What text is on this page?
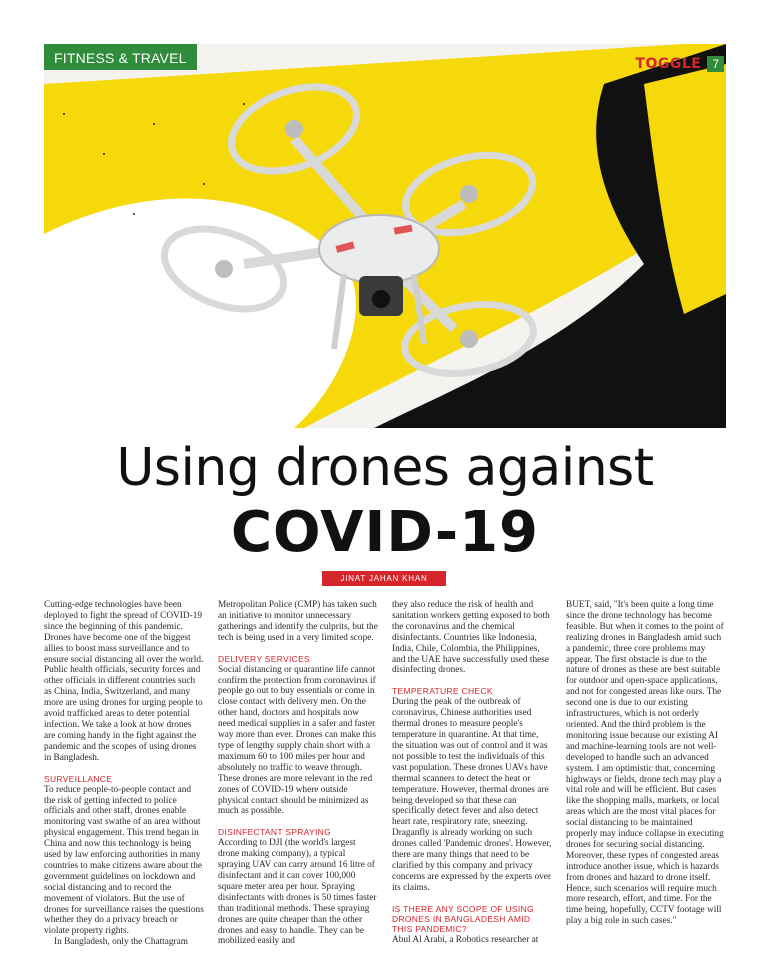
FITNESS & TRAVEL	TOGGLE 7
Using drones against
COVID-19
JINAT JAHAN KHAN

Cutting-edge technologies have been deployed to fight the spread of COVID-19 since the beginning of this pandemic. Drones have become one of the biggest allies to boost mass surveillance and to ensure social distancing all over the world. Public health officials, security forces and other officials in different countries such as China, India, Switzerland, and many more are using drones for urging people to avoid trafficked areas to deter potential infection. We take a look at how drones are coming handy in the fight against the pandemic and the scopes of using drones in Bangladesh.

SURVEILLANCE

To reduce people-to-people contact and the risk of getting infected to police officials and other staff, drones enable monitoring vast swathe of an area without physical engagement. This trend began in China and now this technology is being used by law enforcing authorities in many countries to make citizens aware about the government guidelines on lockdown and social distancing and to record the movement of violators. But the use of drones for surveillance raises the questions whether they do a privacy breach or violate property rights.

In Bangladesh, only the Chattagram

Metropolitan Police (CMP) has taken such an initiative to monitor unnecessary gatherings and identify the culprits, but the tech is being used in a very limited scope.

DELIVERY SERVICES

Social distancing or quarantine life cannot confirm the protection from coronavirus if people go out to buy essentials or come in close contact with delivery men. On the other hand, doctors and hospitals now need medical supplies in a safer and faster way more than ever. Drones can make this type of lengthy supply chain short with a maximum 60 to 100 miles per hour and absolutely no traffic to weave through. These drones are more relevant in the red zones of COVID-19 where outside physical contact should be minimized as much as possible.

DISINFECTANT SPRAYING

According to DJI (the world's largest drone making company), a typical spraying UAV can carry around 16 litre of disinfectant and it can cover 100,000 square meter area per hour. Spraying disinfectants with drones is 50 times faster than traditional methods. These spraying drones are quite cheaper than the other drones and easy to handle. They can be mobilized easily and

they also reduce the risk of health and sanitation workers getting exposed to both the coronavirus and the chemical disinfectants. Countries like Indonesia, India, Chile, Colombia, the Philippines, and the UAE have successfully used these disinfecting drones.

TEMPERATURE CHECK

During the peak of the outbreak of coronavirus, Chinese authorities used thermal drones to measure people's temperature in quarantine. At that time, the situation was out of control and it was not possible to test the individuals of this vast population. These drones UAVs have thermal scanners to detect the heat or temperature. However, thermal drones are being developed so that these can specifically detect fever and also detect heart rate, respiratory rate, sneezing. Draganfly is already working on such drones called 'Pandemic drones'. However, there are many things that need to be clarified by this company and privacy concerns are expressed by the experts over its claims.

IS THERE ANY SCOPE OF USING DRONES IN BANGLADESH AMID THIS PANDEMIC?

Abul Al Arabi, a Robotics researcher at

BUET, said, "It's been quite a long time since the drone technology has become feasible. But when it comes to the point of realizing drones in Bangladesh amid such a pandemic, three core problems may appear. The first obstacle is due to the nature of drones as these are best suitable for outdoor and open-space applications, and not for congested areas like ours. The second one is due to our existing infrastructures, which is not orderly oriented. And the third problem is the monitoring issue because our existing AI and machine-learning tools are not well-developed to handle such an advanced system. I am optimistic that, concerning highways or fields, drone tech may play a vital role and will be efficient. But cases like the shopping malls, markets, or local areas which are the most vital places for social distancing to be maintained properly may induce collapse in executing drones for securing social distancing. Moreover, these types of congested areas introduce another issue, which is hazards from drones and hazard to drone itself. Hence, such scenarios will require much more research, effort, and time. For the time being, hopefully, CCTV footage will play a big role in such cases."
